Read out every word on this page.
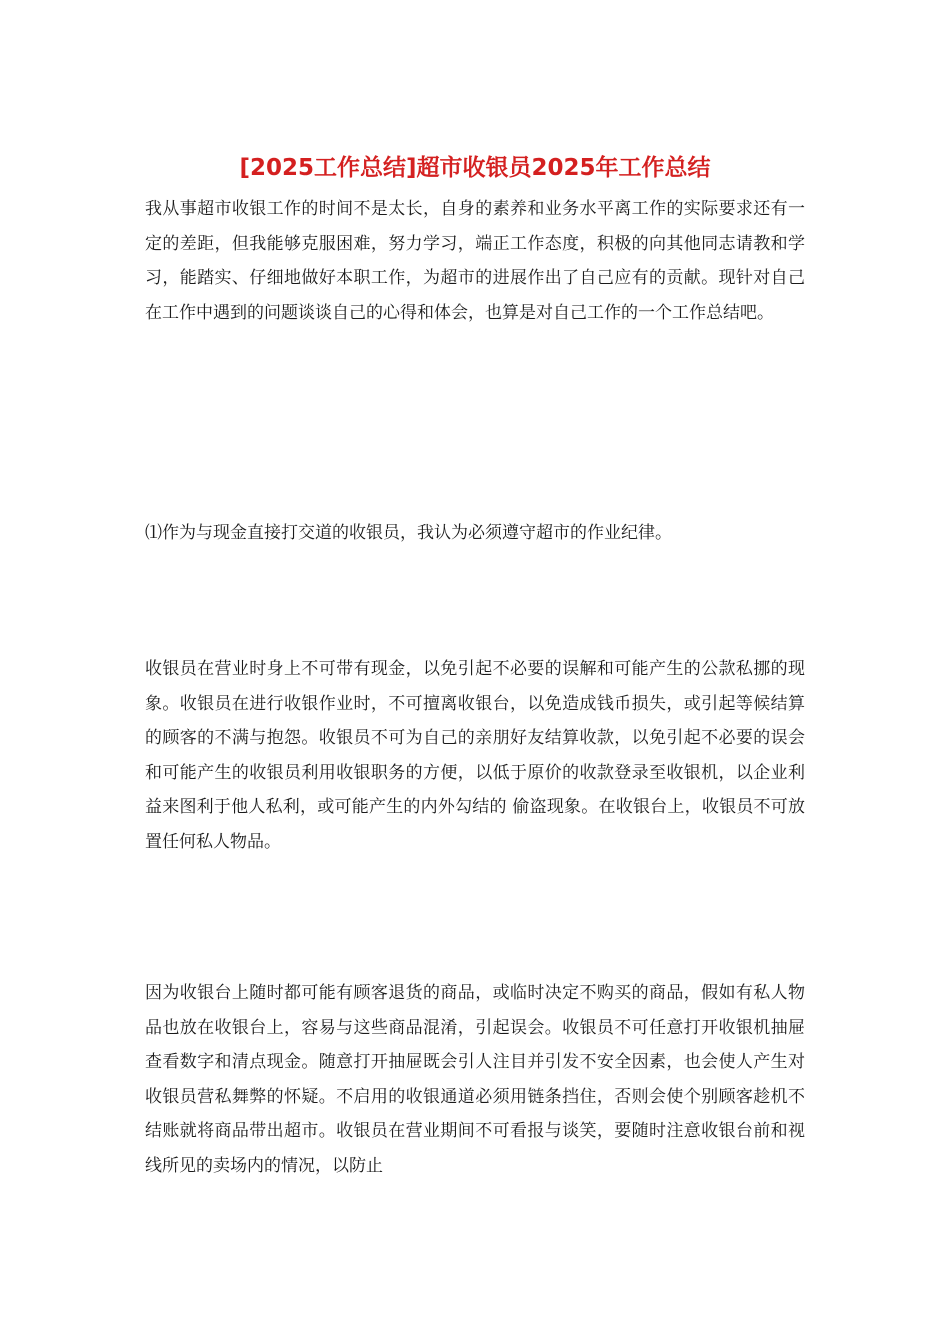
[2025工作总结]超市收银员2025年工作总结

我从事超市收银工作的时间不是太长，自身的素养和业务水平离工作的实际要求还有一定的差距，但我能够克服困难，努力学习，端正工作态度，积极的向其他同志请教和学习，能踏实、仔细地做好本职工作，为超市的进展作出了自己应有的贡献。现针对自己在工作中遇到的问题谈谈自己的心得和体会，也算是对自己工作的一个工作总结吧。

⑴作为与现金直接打交道的收银员，我认为必须遵守超市的作业纪律。

收银员在营业时身上不可带有现金，以免引起不必要的误解和可能产生的公款私挪的现象。收银员在进行收银作业时，不可擅离收银台，以免造成钱币损失，或引起等候结算的顾客的不满与抱怨。收银员不可为自己的亲朋好友结算收款，以免引起不必要的误会和可能产生的收银员利用收银职务的方便，以低于原价的收款登录至收银机，以企业利益来图利于他人私利，或可能产生的内外勾结的 偷盗现象。在收银台上，收银员不可放置任何私人物品。

因为收银台上随时都可能有顾客退货的商品，或临时决定不购买的商品，假如有私人物品也放在收银台上，容易与这些商品混淆，引起误会。收银员不可任意打开收银机抽屉查看数字和清点现金。随意打开抽屉既会引人注目并引发不安全因素，也会使人产生对收银员营私舞弊的怀疑。不启用的收银通道必须用链条挡住，否则会使个别顾客趁机不结账就将商品带出超市。收银员在营业期间不可看报与谈笑，要随时注意收银台前和视线所见的卖场内的情况，以防止
